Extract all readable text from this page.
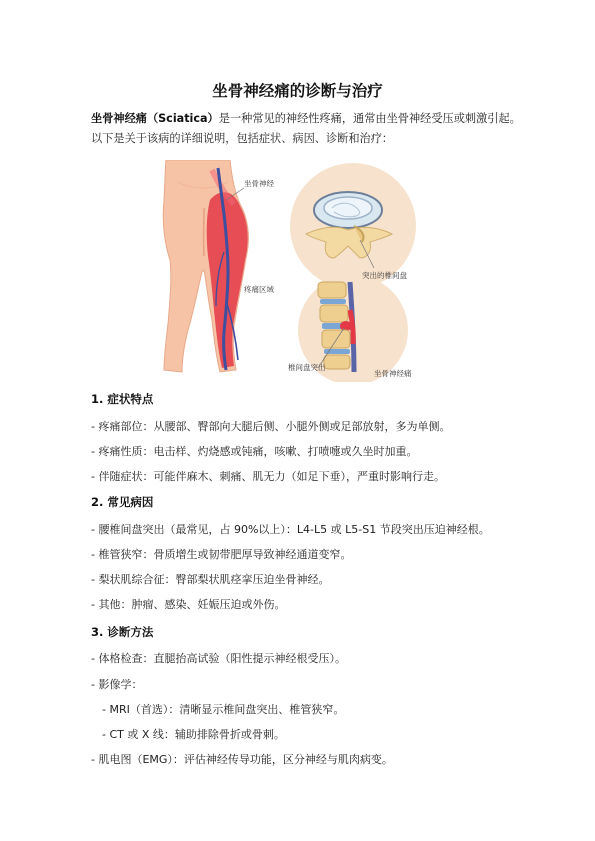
坐骨神经痛的诊断与治疗
坐骨神经痛（Sciatica）是一种常见的神经性疼痛，通常由坐骨神经受压或刺激引起。
以下是关于该病的详细说明，包括症状、病因、诊断和治疗：
坐骨神经
突出的椎间盘
疼痛区域
椎间盘突出
坐骨神经痛
1. 症状特点
- 疼痛部位：从腰部、臀部向大腿后侧、小腿外侧或足部放射，多为单侧。
- 疼痛性质：电击样、灼烧感或钝痛，咳嗽、打喷嚏或久坐时加重。
- 伴随症状：可能伴麻木、刺痛、肌无力（如足下垂），严重时影响行走。
2. 常见病因
- 腰椎间盘突出（最常见，占 90%以上）：L4-L5 或 L5-S1 节段突出压迫神经根。
- 椎管狭窄：骨质增生或韧带肥厚导致神经通道变窄。
- 梨状肌综合征：臀部梨状肌痉挛压迫坐骨神经。
- 其他：肿瘤、感染、妊娠压迫或外伤。
3. 诊断方法
- 体格检查：直腿抬高试验（阳性提示神经根受压）。
- 影像学：
- MRI（首选）：清晰显示椎间盘突出、椎管狭窄。
- CT 或 X 线：辅助排除骨折或骨刺。
- 肌电图（EMG）：评估神经传导功能，区分神经与肌肉病变。
